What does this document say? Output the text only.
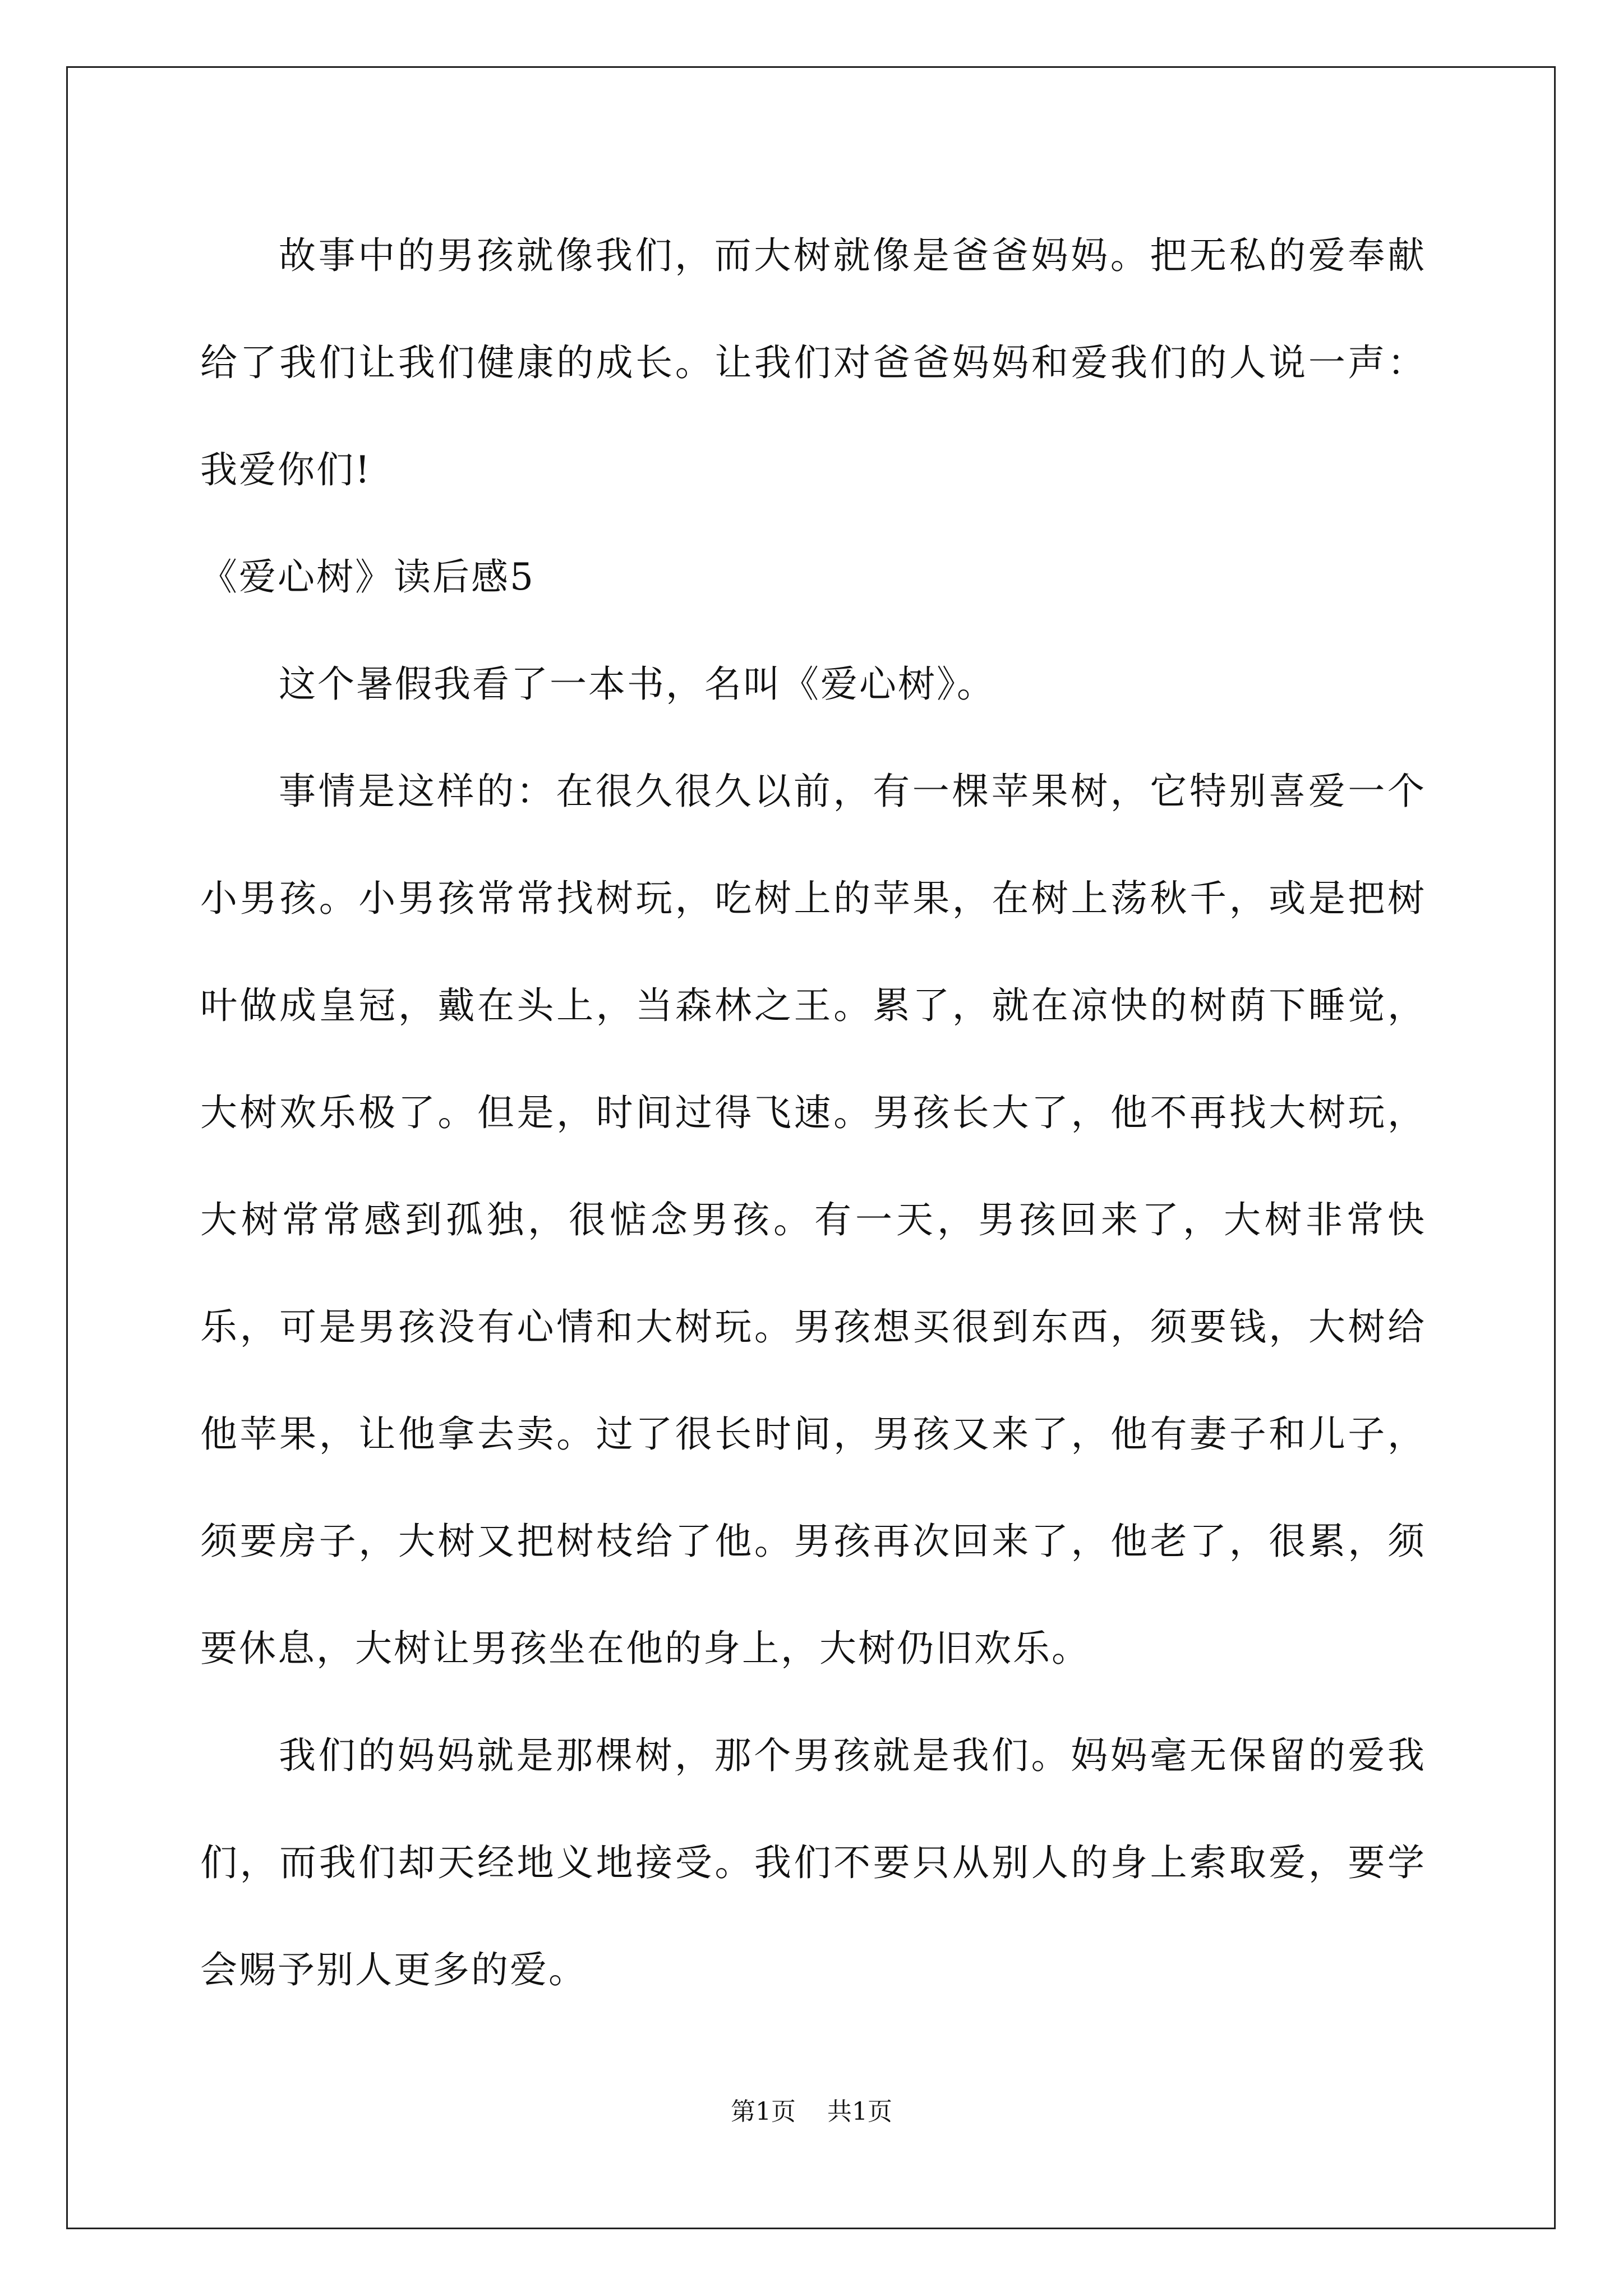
故事中的男孩就像我们，而大树就像是爸爸妈妈。把无私的爱奉献给了我们让我们健康的成长。让我们对爸爸妈妈和爱我们的人说一声：我爱你们!

《爱心树》读后感5

这个暑假我看了一本书，名叫《爱心树》。

事情是这样的：在很久很久以前，有一棵苹果树，它特别喜爱一个小男孩。小男孩常常找树玩，吃树上的苹果，在树上荡秋千，或是把树叶做成皇冠，戴在头上，当森林之王。累了，就在凉快的树荫下睡觉，大树欢乐极了。但是，时间过得飞速。男孩长大了，他不再找大树玩，大树常常感到孤独，很惦念男孩。有一天，男孩回来了，大树非常快乐，可是男孩没有心情和大树玩。男孩想买很到东西，须要钱，大树给他苹果，让他拿去卖。过了很长时间，男孩又来了，他有妻子和儿子，须要房子，大树又把树枝给了他。男孩再次回来了，他老了，很累，须要休息，大树让男孩坐在他的身上，大树仍旧欢乐。

我们的妈妈就是那棵树，那个男孩就是我们。妈妈毫无保留的爱我们，而我们却天经地义地接受。我们不要只从别人的身上索取爱，要学会赐予别人更多的爱。

第1页 共1页
